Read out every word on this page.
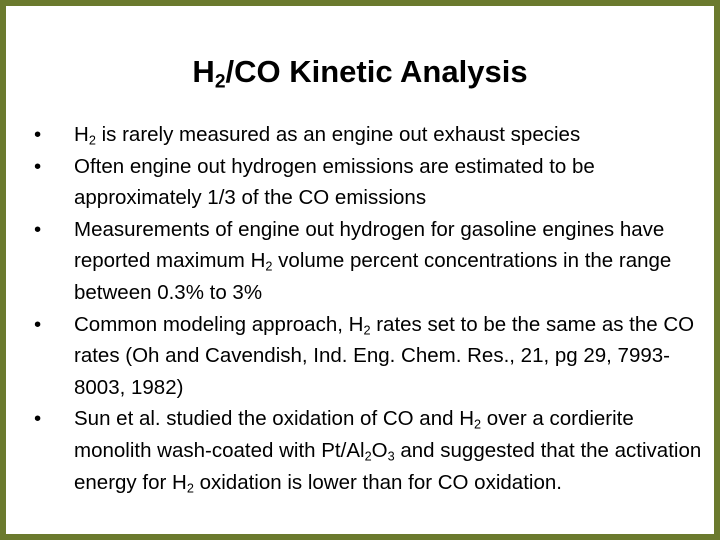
$H_2/CO$ Kinetic Analysis
• $H_2$ is rarely measured as an engine out exhaust species
• Often engine out hydrogen emissions are estimated to be approximately 1/3 of the CO emissions
• Measurements of engine out hydrogen for gasoline engines have reported maximum $H_2$ volume percent concentrations in the range between 0.3% to 3%
• Common modeling approach, $H_2$ rates set to be the same as the CO rates (Oh and Cavendish, Ind. Eng. Chem. Res., 21, pg 29, 7993-8003, 1982)
• Sun et al. studied the oxidation of CO and $H_2$ over a cordierite monolith wash-coated with $Pt/Al_2O_3$ and suggested that the activation energy for $H_2$ oxidation is lower than for CO oxidation.
